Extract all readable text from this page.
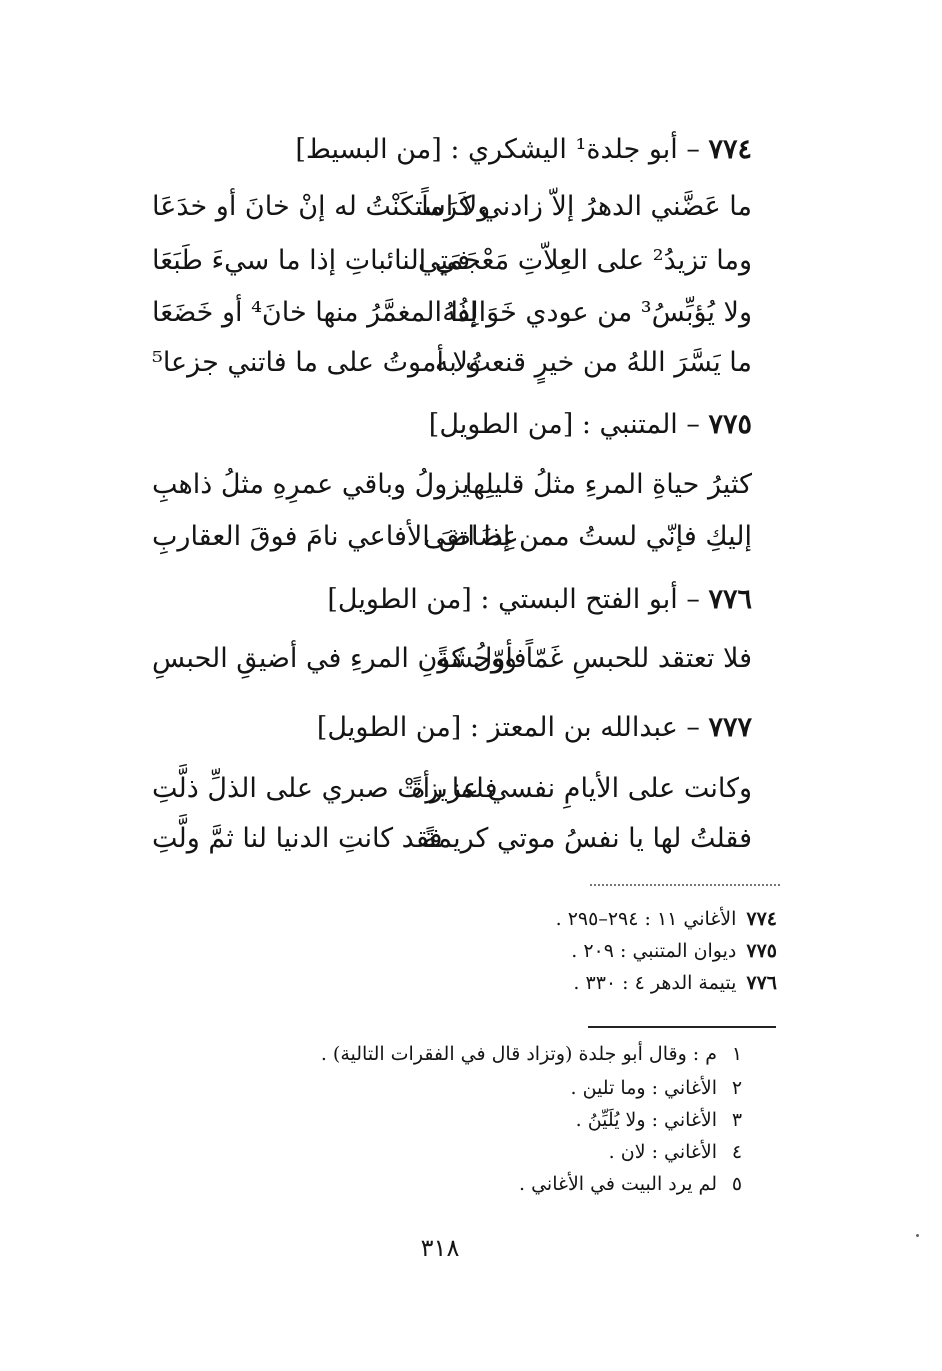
٧٧٤ – أبو جلدة¹ اليشكري : [من البسيط]
ما عَضَّني الدهرُ إلاّ زادني كَرَماً
ولا استكَنْتُ له إنْ خانَ أو خدَعَا
وما تزيدُ² على العِلاّتِ مَعْجَمَتِي
في النائباتِ إذا ما سيءَ طَبَعَا
ولا يُؤبِّسُ³ من عودي خَوَالِفُهُ
إذا المغمَّرُ منها خانَ⁴ أو خَضَعَا
ما يَسَّرَ اللهُ من خيرٍ قنعتُ به
ولا أموتُ على ما فاتني جزعا⁵
٧٧٥ – المتنبي : [من الطويل]
كثيرُ حياةِ المرءِ مثلُ قليلِها
يزولُ وباقي عمرِهِ مثلُ ذاهبِ
إليكِ فإنّي لستُ ممن إذا اتقى
عِضَاضَ الأفاعي نامَ فوقَ العقاربِ
٧٧٦ – أبو الفتح البستي : [من الطويل]
فلا تعتقد للحبسِ غَمّاً ووحشَةً
فأوّلُ كونِ المرءِ في أضيقِ الحبسِ
٧٧٧ – عبدالله بن المعتز : [من الطويل]
وكانت على الأيامِ نفسي عزيزةً
فلما رأتْ صبري على الذلِّ ذلَّتِ
فقلتُ لها يا نفسُ موتي كريمةً
فقد كانتِ الدنيا لنا ثمَّ ولَّتِ
٧٧٤الأغاني ١١ : ٢٩٤–٢٩٥ .
٧٧٥ديوان المتنبي : ٢٠٩ .
٧٧٦يتيمة الدهر ٤ : ٣٣٠ .
١م : وقال أبو جلدة (وتزاد قال في الفقرات التالية) .
٢الأغاني : وما تلين .
٣الأغاني : ولا يُلَيِّنُ .
٤الأغاني : لان .
٥لم يرد البيت في الأغاني .
٣١٨
